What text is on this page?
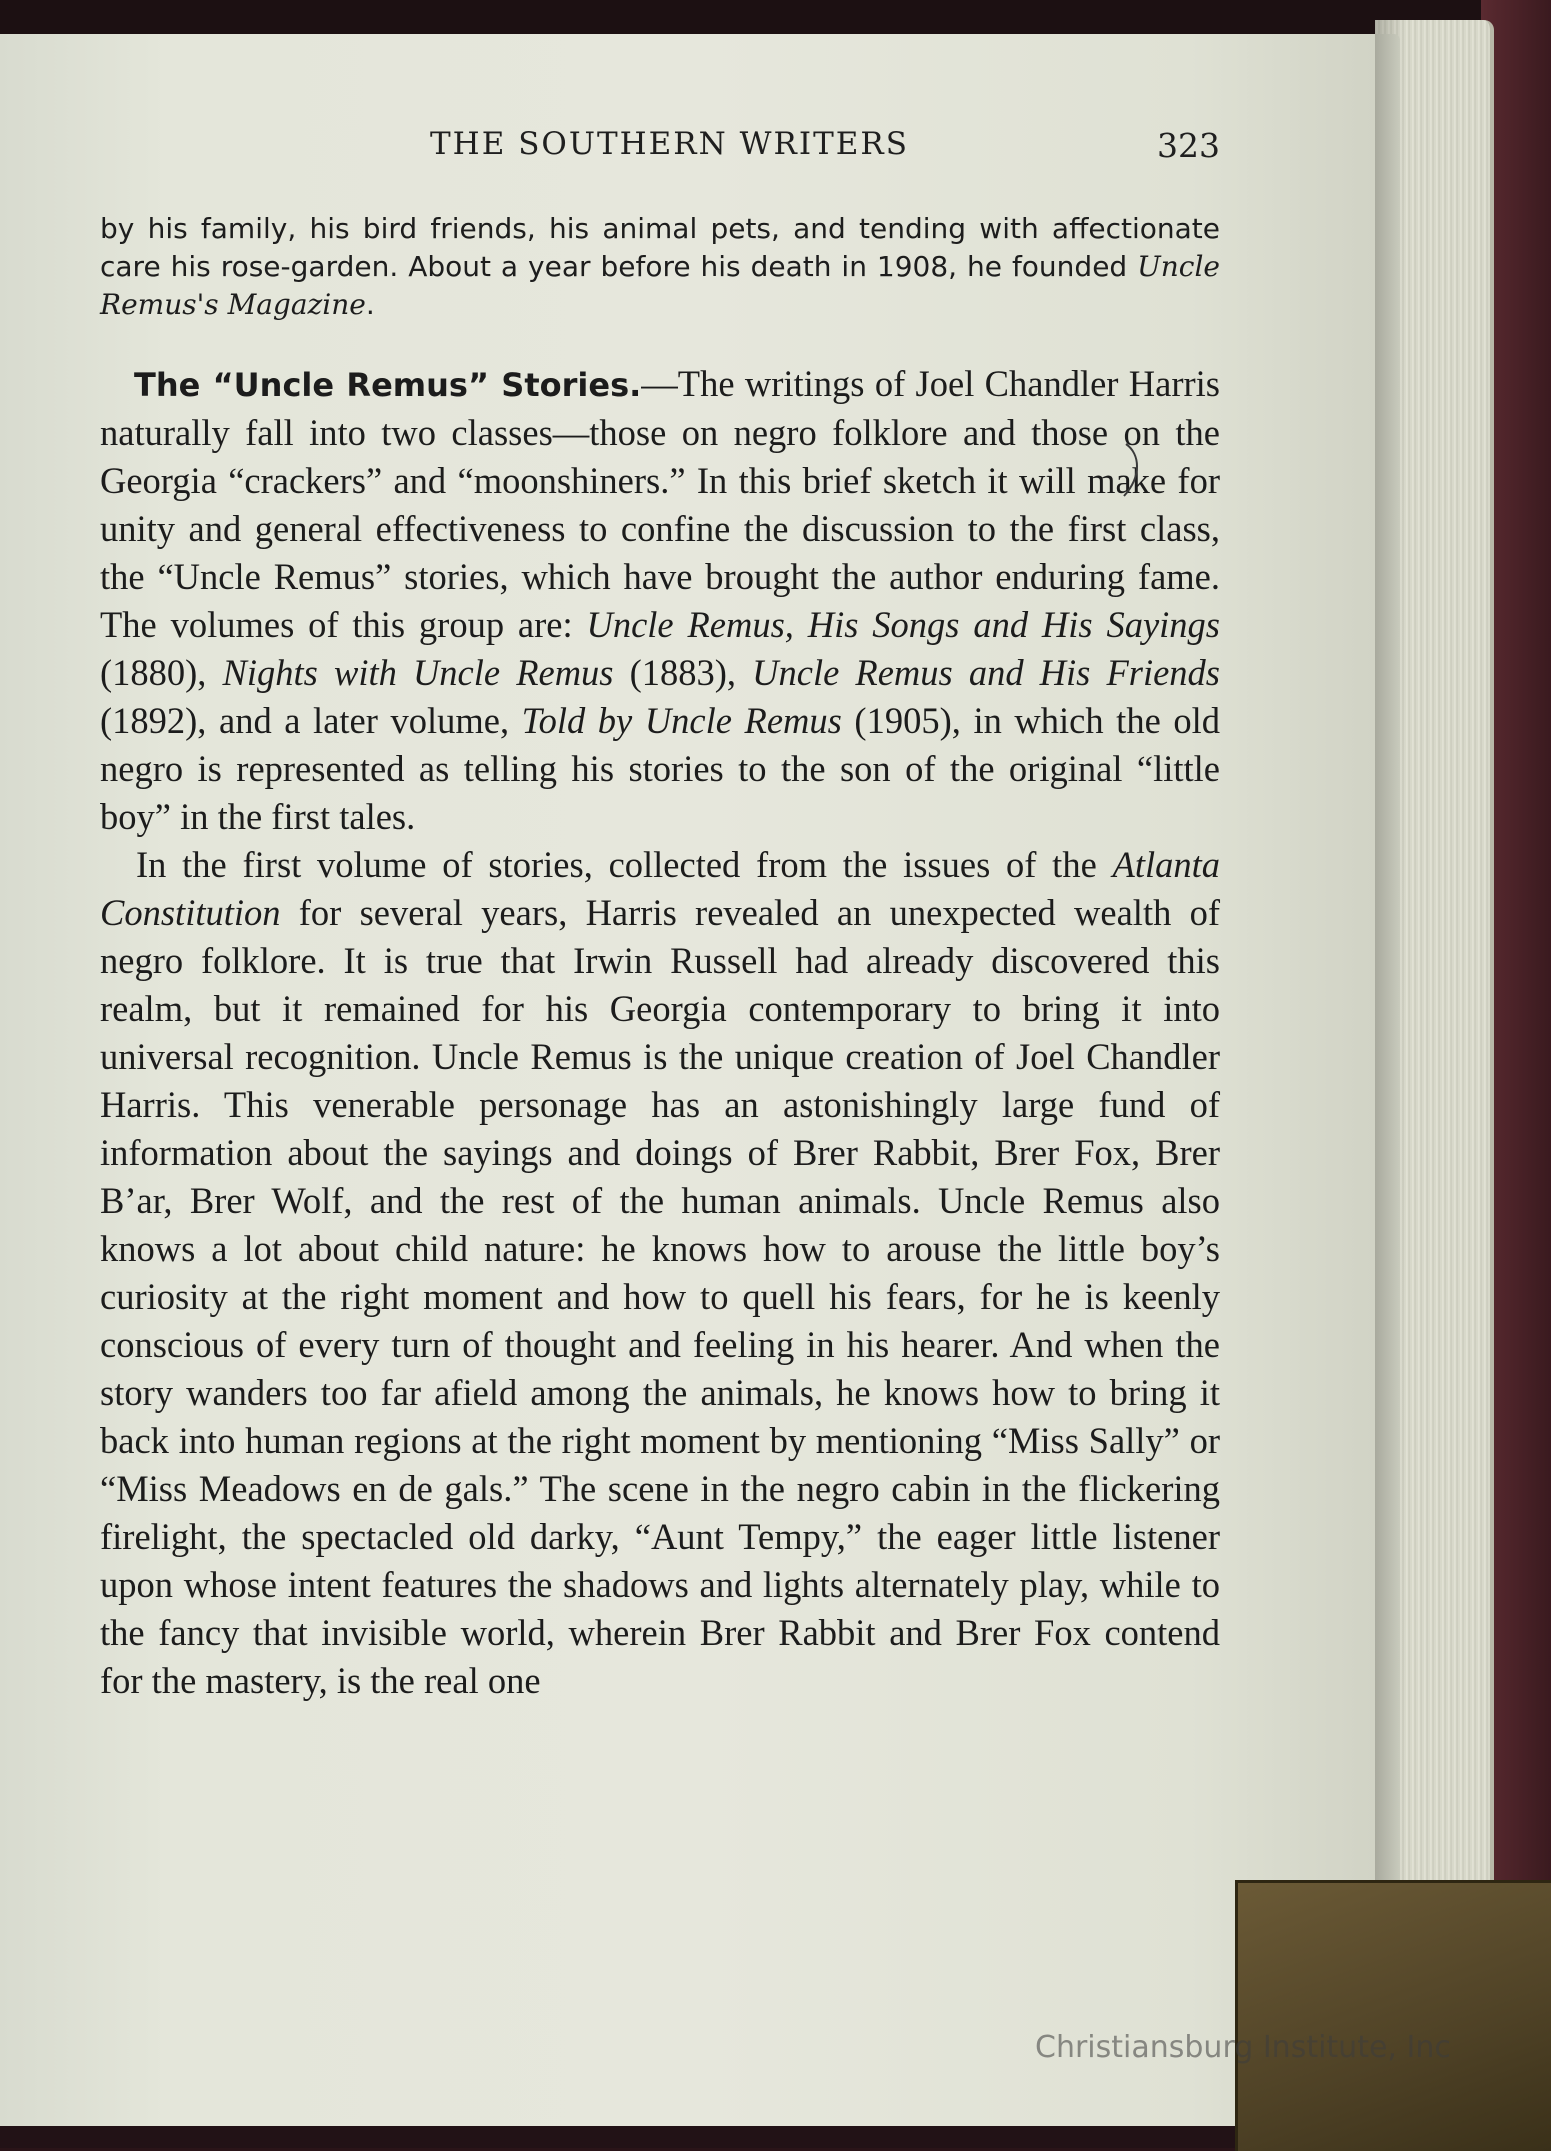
THE SOUTHERN WRITERS	323

by his family, his bird friends, his animal pets, and tending with affectionate care his rose-garden. About a year before his death in 1908, he founded Uncle Remus's Magazine.

The “Uncle Remus” Stories.—The writings of Joel Chandler Harris naturally fall into two classes—those on negro folklore and those on the Georgia “crackers” and “moonshiners.” In this brief sketch it will make for unity and general effectiveness to confine the discussion to the first class, the “Uncle Remus” stories, which have brought the author enduring fame. The volumes of this group are: Uncle Remus, His Songs and His Sayings (1880), Nights with Uncle Remus (1883), Uncle Remus and His Friends (1892), and a later volume, Told by Uncle Remus (1905), in which the old negro is represented as telling his stories to the son of the original “little boy” in the first tales.

In the first volume of stories, collected from the issues of the Atlanta Constitution for several years, Harris revealed an unexpected wealth of negro folklore. It is true that Irwin Russell had already discovered this realm, but it remained for his Georgia contemporary to bring it into universal recognition. Uncle Remus is the unique creation of Joel Chandler Harris. This venerable personage has an astonishingly large fund of information about the sayings and doings of Brer Rabbit, Brer Fox, Brer B’ar, Brer Wolf, and the rest of the human animals. Uncle Remus also knows a lot about child nature: he knows how to arouse the little boy’s curiosity at the right moment and how to quell his fears, for he is keenly conscious of every turn of thought and feeling in his hearer. And when the story wanders too far afield among the animals, he knows how to bring it back into human regions at the right moment by mentioning “Miss Sally” or “Miss Meadows en de gals.” The scene in the negro cabin in the flickering firelight, the spectacled old darky, “Aunt Tempy,” the eager little listener upon whose intent features the shadows and lights alternately play, while to the fancy that invisible world, wherein Brer Rabbit and Brer Fox contend for the mastery, is the real one

Christiansburg Institute, Inc
